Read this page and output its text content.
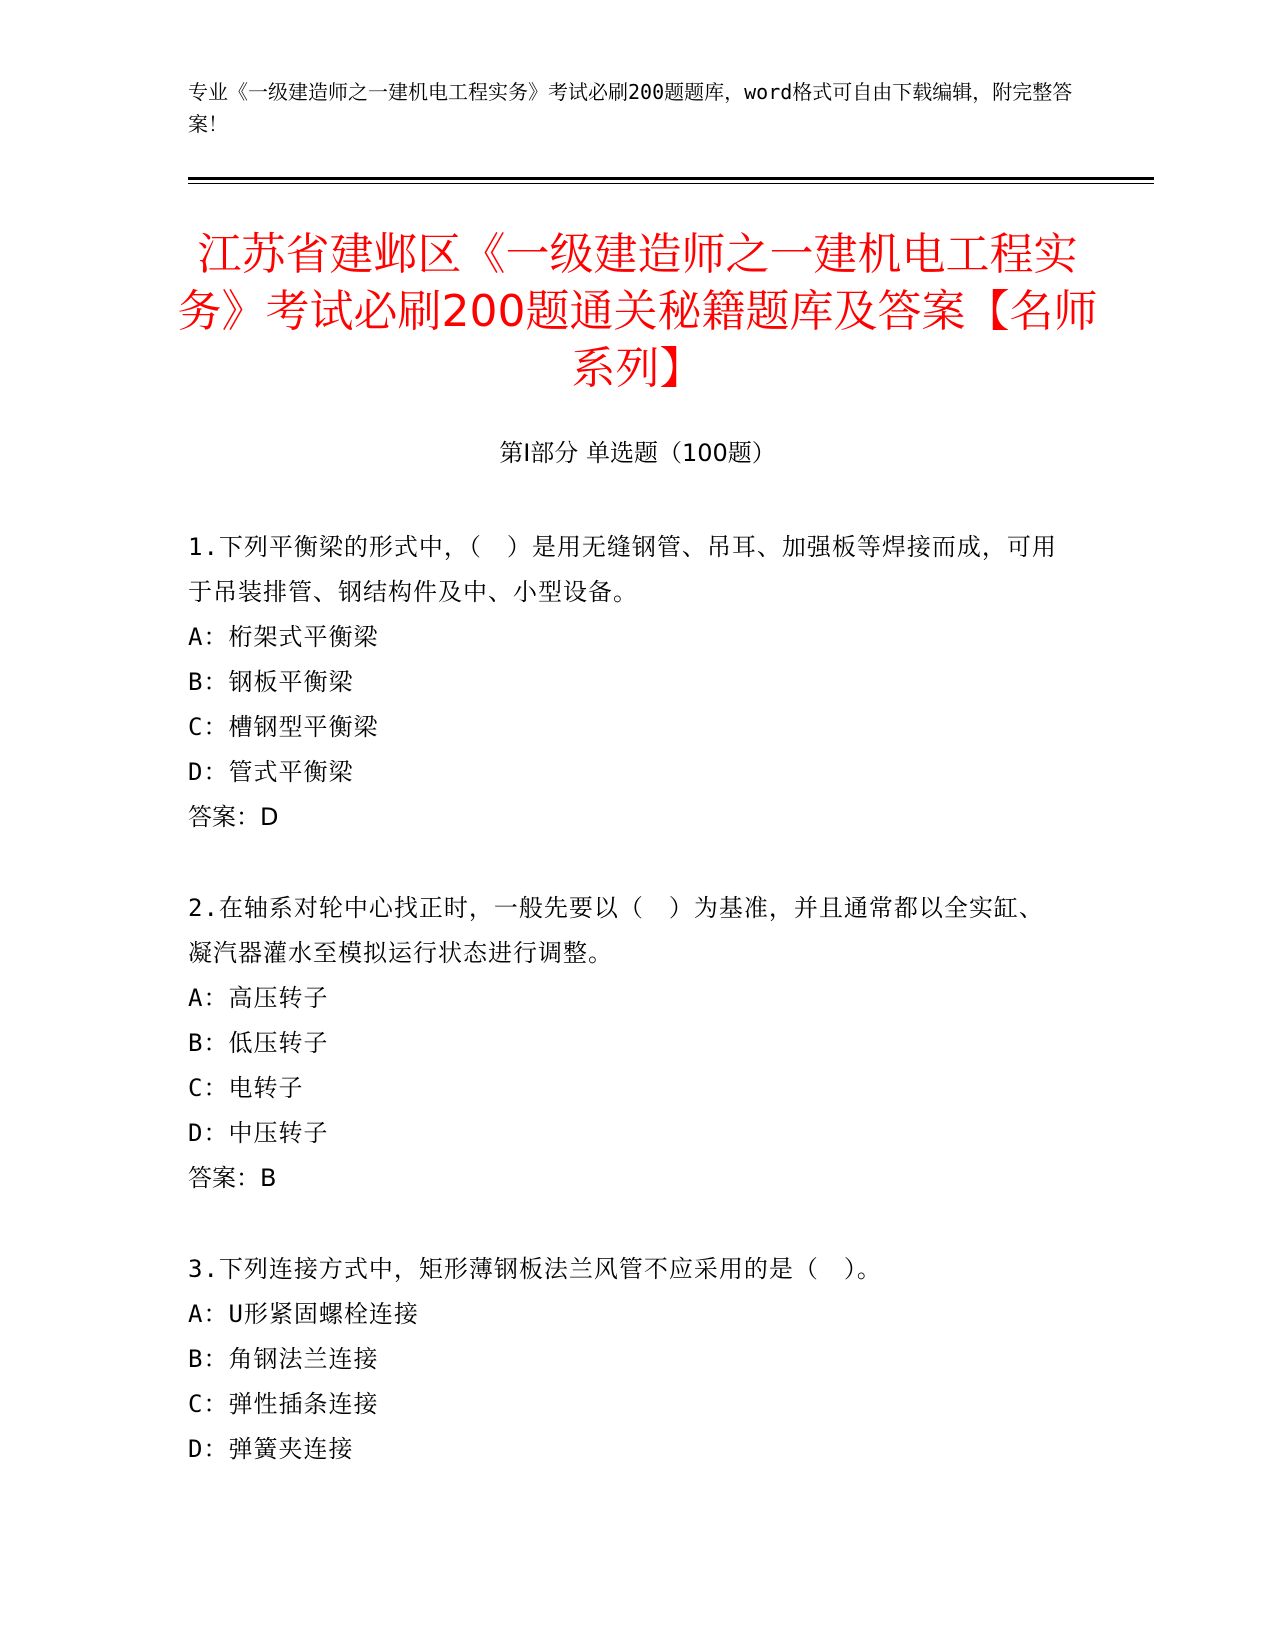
专业《一级建造师之一建机电工程实务》考试必刷200题题库，word格式可自由下载编辑，附完整答案！
江苏省建邺区《一级建造师之一建机电工程实务》考试必刷200题通关秘籍题库及答案【名师系列】
第I部分 单选题（100题）
1.下列平衡梁的形式中，（　）是用无缝钢管、吊耳、加强板等焊接而成，可用于吊装排管、钢结构件及中、小型设备。
A：桁架式平衡梁
B：钢板平衡梁
C：槽钢型平衡梁
D：管式平衡梁
答案：D
2.在轴系对轮中心找正时，一般先要以（　）为基准，并且通常都以全实缸、凝汽器灌水至模拟运行状态进行调整。
A：高压转子
B：低压转子
C：电转子
D：中压转子
答案：B
3.下列连接方式中，矩形薄钢板法兰风管不应采用的是（　）。
A：U形紧固螺栓连接
B：角钢法兰连接
C：弹性插条连接
D：弹簧夹连接
